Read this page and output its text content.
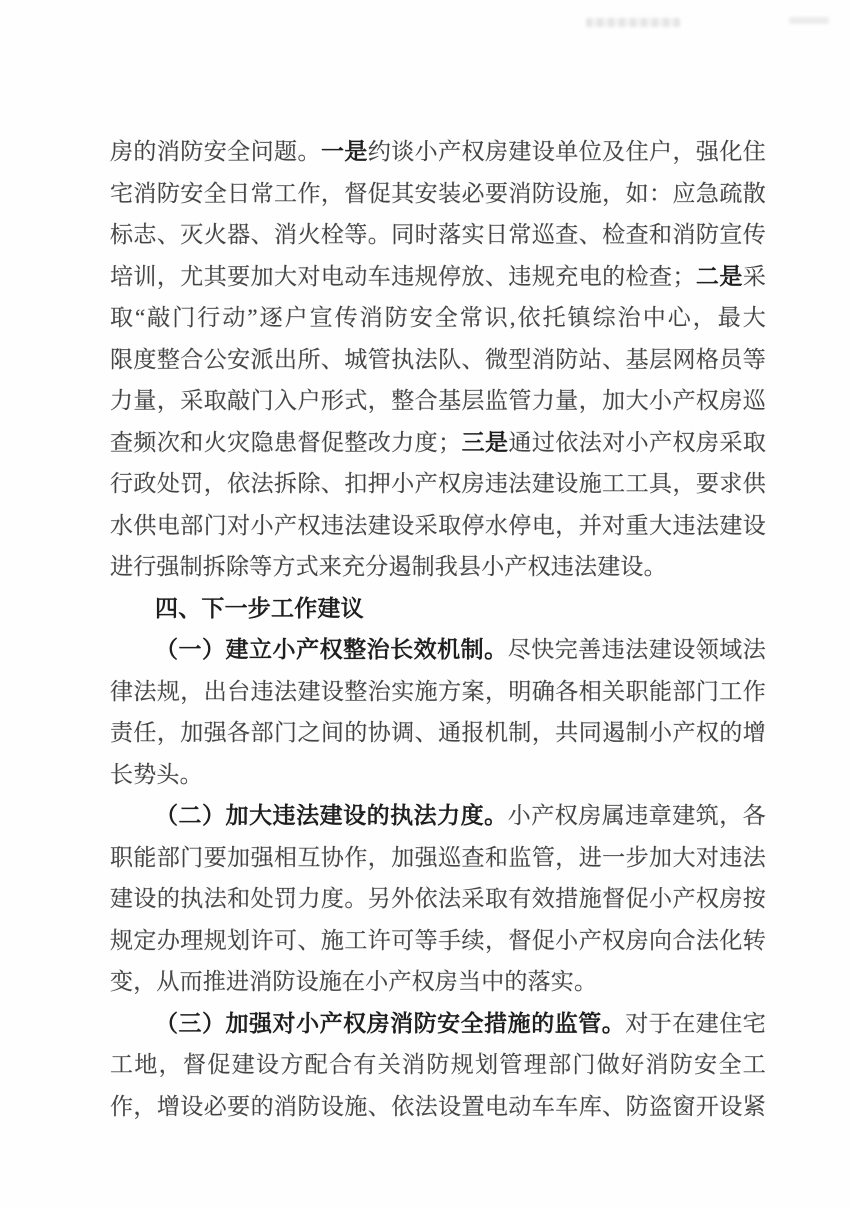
房的消防安全问题。一是约谈小产权房建设单位及住户，强化住
宅消防安全日常工作，督促其安装必要消防设施，如：应急疏散
标志、灭火器、消火栓等。同时落实日常巡查、检查和消防宣传
培训，尤其要加大对电动车违规停放、违规充电的检查；二是采
取“敲门行动”逐户宣传消防安全常识,依托镇综治中心，最大
限度整合公安派出所、城管执法队、微型消防站、基层网格员等
力量，采取敲门入户形式，整合基层监管力量，加大小产权房巡
查频次和火灾隐患督促整改力度；三是通过依法对小产权房采取
行政处罚，依法拆除、扣押小产权房违法建设施工工具，要求供
水供电部门对小产权违法建设采取停水停电，并对重大违法建设
进行强制拆除等方式来充分遏制我县小产权违法建设。
四、下一步工作建议
（一）建立小产权整治长效机制。尽快完善违法建设领域法
律法规，出台违法建设整治实施方案，明确各相关职能部门工作
责任，加强各部门之间的协调、通报机制，共同遏制小产权的增
长势头。
（二）加大违法建设的执法力度。小产权房属违章建筑，各
职能部门要加强相互协作，加强巡查和监管，进一步加大对违法
建设的执法和处罚力度。另外依法采取有效措施督促小产权房按
规定办理规划许可、施工许可等手续，督促小产权房向合法化转
变，从而推进消防设施在小产权房当中的落实。
（三）加强对小产权房消防安全措施的监管。对于在建住宅
工地，督促建设方配合有关消防规划管理部门做好消防安全工
作，增设必要的消防设施、依法设置电动车车库、防盗窗开设紧
